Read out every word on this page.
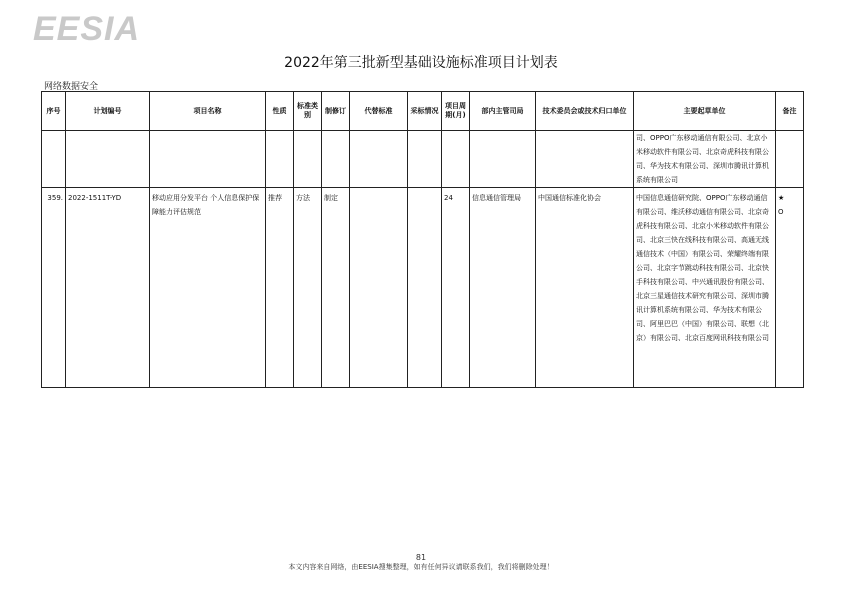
EESIA
2022年第三批新型基础设施标准项目计划表
网络数据安全
序号	计划编号	项目名称	性质	标准类别	制修订	代替标准	采标情况	项目周期(月)	部内主管司局	技术委员会或技术归口单位	主要起草单位	备注
											司、OPPO广东移动通信有限公司、北京小米移动软件有限公司、北京奇虎科技有限公司、华为技术有限公司、深圳市腾讯计算机系统有限公司	
359.	2022-1511T-YD	移动应用分发平台 个人信息保护保障能力评估规范	推荐	方法	制定			24	信息通信管理局	中国通信标准化协会	中国信息通信研究院、OPPO广东移动通信有限公司、维沃移动通信有限公司、北京奇虎科技有限公司、北京小米移动软件有限公司、北京三快在线科技有限公司、高通无线通信技术（中国）有限公司、荣耀终端有限公司、北京字节跳动科技有限公司、北京快手科技有限公司、中兴通讯股份有限公司、北京三星通信技术研究有限公司、深圳市腾讯计算机系统有限公司、华为技术有限公司、阿里巴巴（中国）有限公司、联想（北京）有限公司、北京百度网讯科技有限公司	★
O
81
本文内容来自网络，由EESIA搜集整理，如有任何异议请联系我们，我们将删除处理！
